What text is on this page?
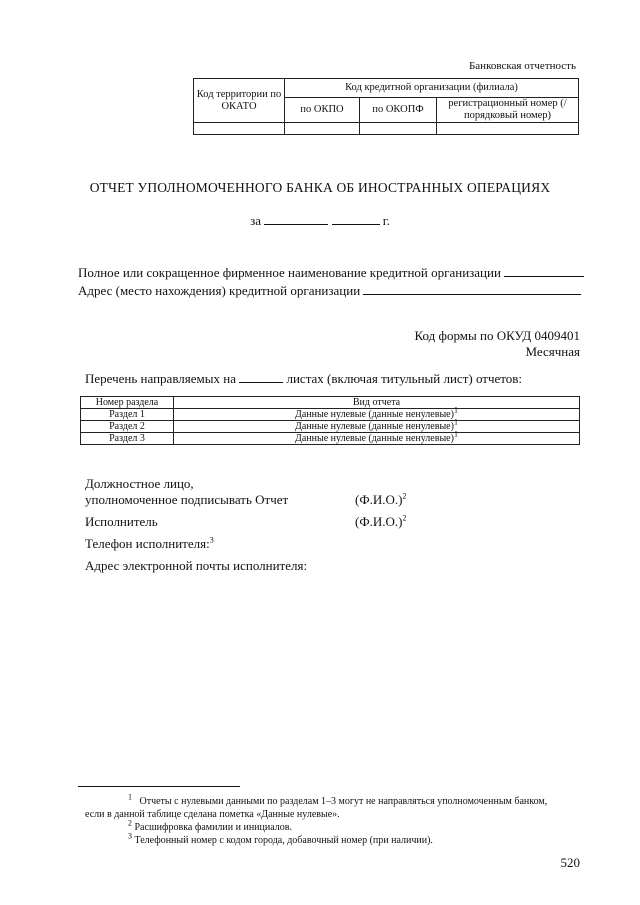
Банковская отчетность
Код территории по ОКАТО	Код кредитной организации (филиала)		
	по ОКПО	по ОКОПФ	регистрационный номер (/порядковый номер)

ОТЧЕТ УПОЛНОМОЧЕННОГО БАНКА ОБ ИНОСТРАННЫХ ОПЕРАЦИЯХ
за	г.
Полное или сокращенное фирменное наименование кредитной организации
Адрес (место нахождения) кредитной организации
Код формы по ОКУД 0409401
Месячная
Перечень направляемых на	листах (включая титульный лист) отчетов:
Номер раздела	Вид отчета
Раздел 1	Данные нулевые (данные ненулевые)$^1$
Раздел 2	Данные нулевые (данные ненулевые)$^1$
Раздел 3	Данные нулевые (данные ненулевые)$^1$
Должностное лицо,
уполномоченное подписывать Отчет	$(Ф.И.О.)^2$
Исполнитель	$(Ф.И.О.)^2$
Телефон исполнителя:$^3$
Адрес электронной почты исполнителя:
$^1$ Отчеты с нулевыми данными по разделам 1–3 могут не направляться уполномоченным банком,
если в данной таблице сделана пометка «Данные нулевые».
$^2$ Расшифровка фамилии и инициалов.
$^3$ Телефонный номер с кодом города, добавочный номер (при наличии).
520
